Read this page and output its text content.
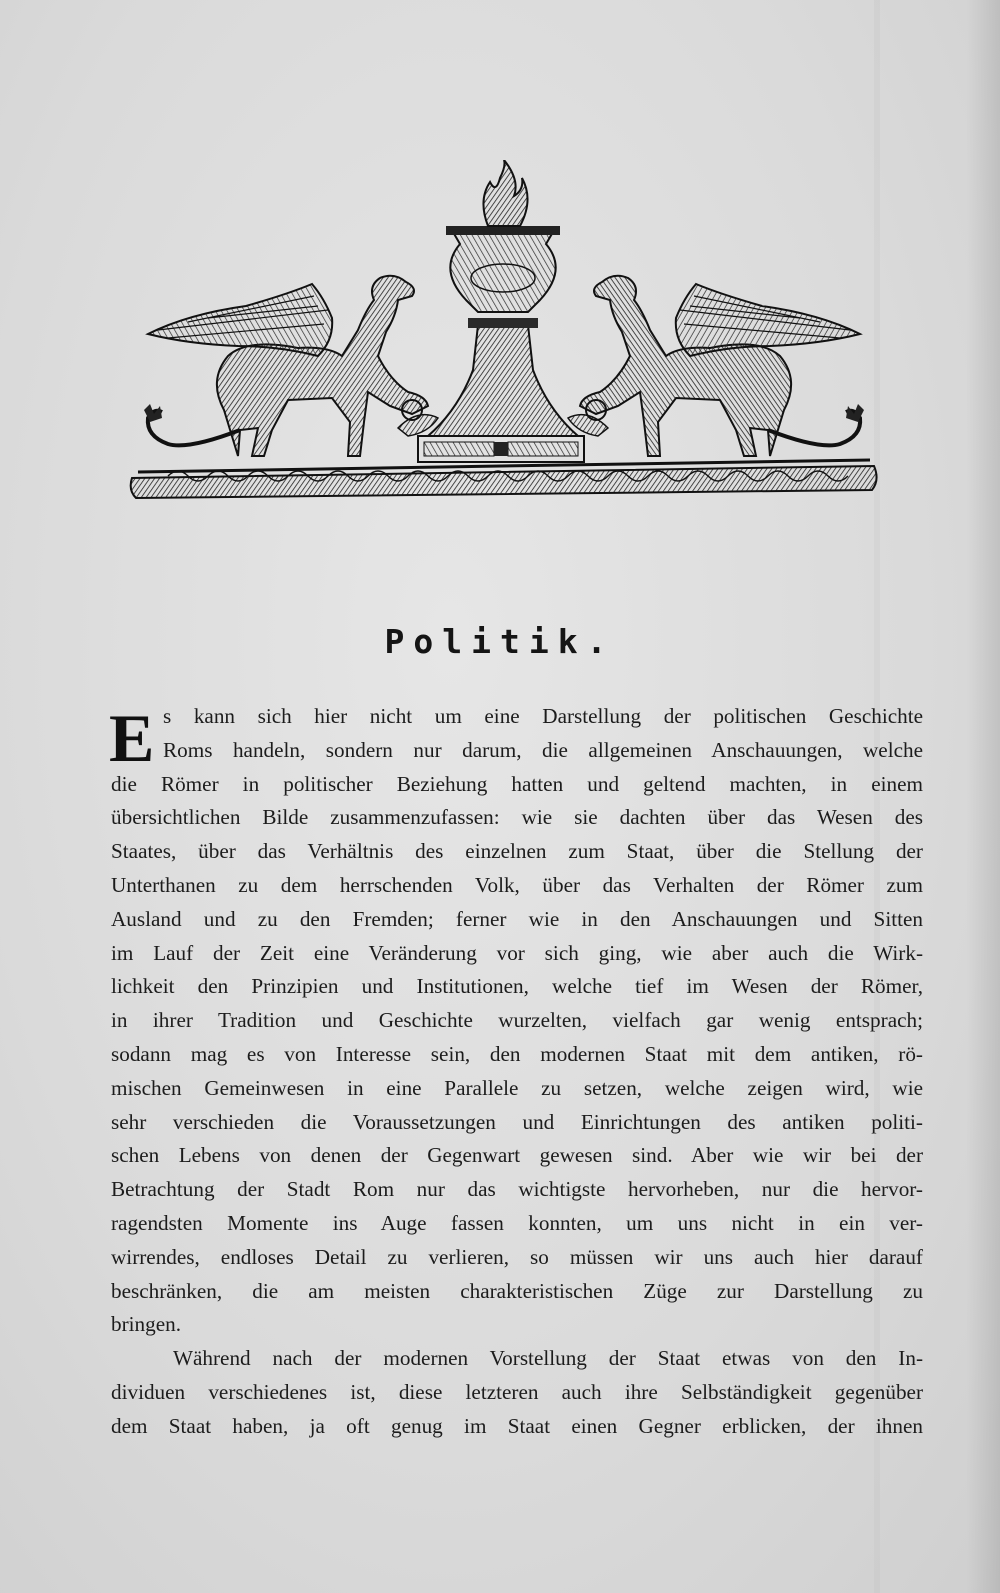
Politik.
E s kann sich hier nicht um eine Darstellung der politischen Geschichte
Roms handeln, sondern nur darum, die allgemeinen Anschauungen, welche
die Römer in politischer Beziehung hatten und geltend machten, in einem
übersichtlichen Bilde zusammenzufassen: wie sie dachten über das Wesen des
Staates, über das Verhältnis des einzelnen zum Staat, über die Stellung der
Unterthanen zu dem herrschenden Volk, über das Verhalten der Römer zum
Ausland und zu den Fremden; ferner wie in den Anschauungen und Sitten
im Lauf der Zeit eine Veränderung vor sich ging, wie aber auch die Wirk-
lichkeit den Prinzipien und Institutionen, welche tief im Wesen der Römer,
in ihrer Tradition und Geschichte wurzelten, vielfach gar wenig entsprach;
sodann mag es von Interesse sein, den modernen Staat mit dem antiken, rö-
mischen Gemeinwesen in eine Parallele zu setzen, welche zeigen wird, wie
sehr verschieden die Voraussetzungen und Einrichtungen des antiken politi-
schen Lebens von denen der Gegenwart gewesen sind. Aber wie wir bei der
Betrachtung der Stadt Rom nur das wichtigste hervorheben, nur die hervor-
ragendsten Momente ins Auge fassen konnten, um uns nicht in ein ver-
wirrendes, endloses Detail zu verlieren, so müssen wir uns auch hier darauf
beschränken, die am meisten charakteristischen Züge zur Darstellung zu
bringen.
Während nach der modernen Vorstellung der Staat etwas von den In-
dividuen verschiedenes ist, diese letzteren auch ihre Selbständigkeit gegenüber
dem Staat haben, ja oft genug im Staat einen Gegner erblicken, der ihnen
